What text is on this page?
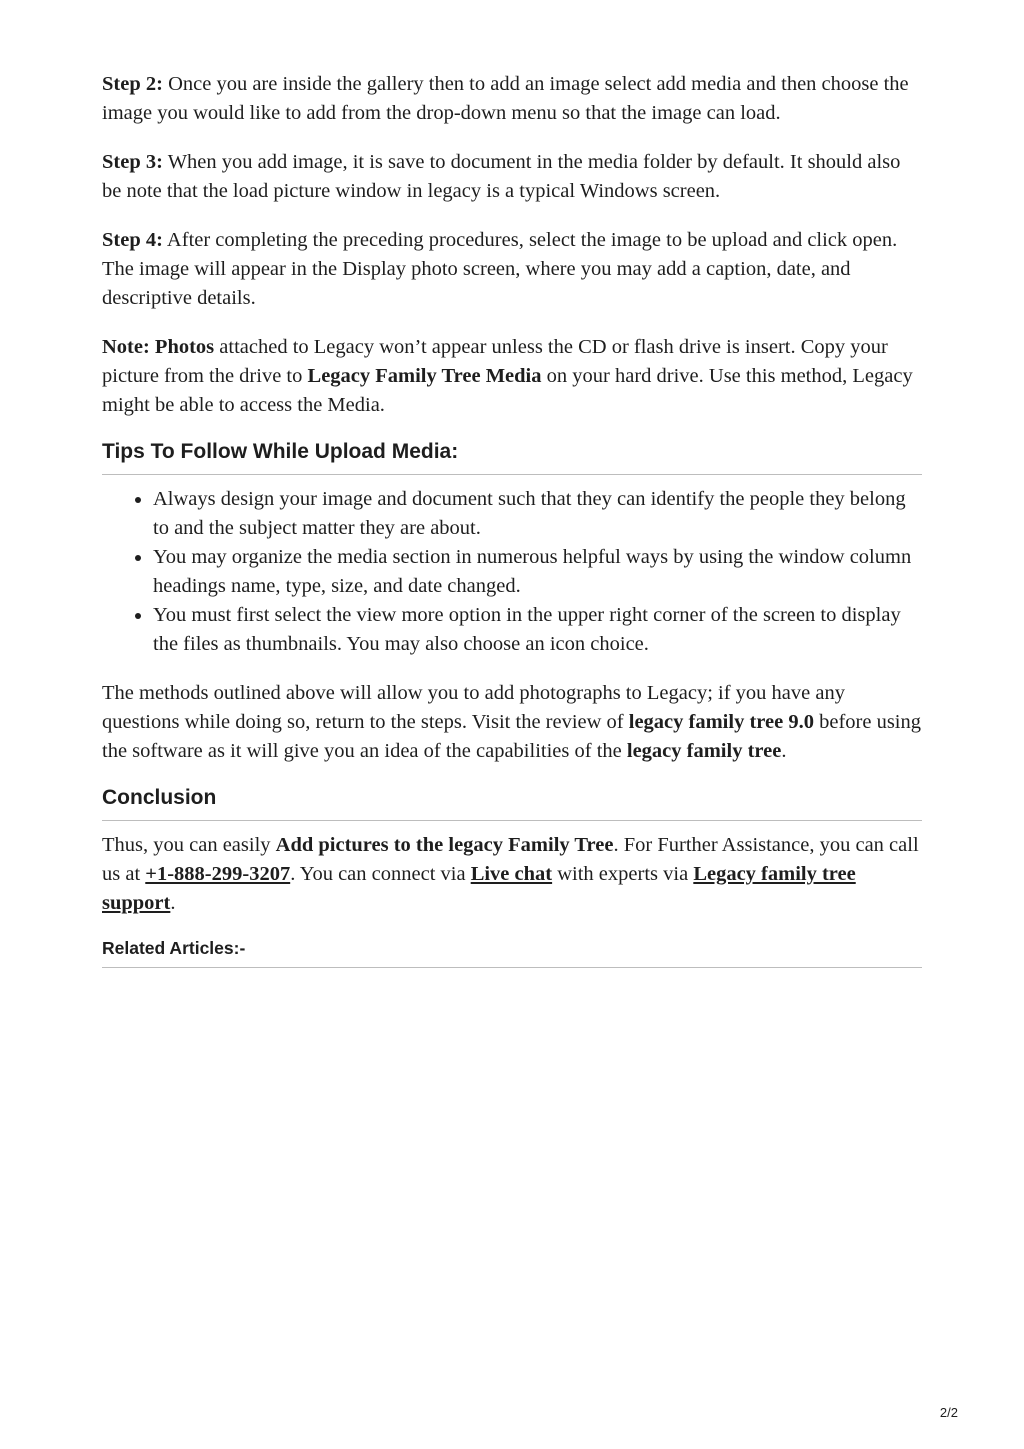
Step 2: Once you are inside the gallery then to add an image select add media and then choose the image you would like to add from the drop-down menu so that the image can load.

Step 3: When you add image, it is save to document in the media folder by default. It should also be note that the load picture window in legacy is a typical Windows screen.

Step 4: After completing the preceding procedures, select the image to be upload and click open. The image will appear in the Display photo screen, where you may add a caption, date, and descriptive details.

Note: Photos attached to Legacy won’t appear unless the CD or flash drive is insert. Copy your picture from the drive to Legacy Family Tree Media on your hard drive. Use this method, Legacy might be able to access the Media.

Tips To Follow While Upload Media:
• Always design your image and document such that they can identify the people they belong to and the subject matter they are about.
• You may organize the media section in numerous helpful ways by using the window column headings name, type, size, and date changed.
• You must first select the view more option in the upper right corner of the screen to display the files as thumbnails. You may also choose an icon choice.

The methods outlined above will allow you to add photographs to Legacy; if you have any questions while doing so, return to the steps. Visit the review of legacy family tree 9.0 before using the software as it will give you an idea of the capabilities of the legacy family tree.

Conclusion

Thus, you can easily Add pictures to the legacy Family Tree. For Further Assistance, you can call us at +1-888-299-3207. You can connect via Live chat with experts via Legacy family tree support.

Related Articles:-
2/2
